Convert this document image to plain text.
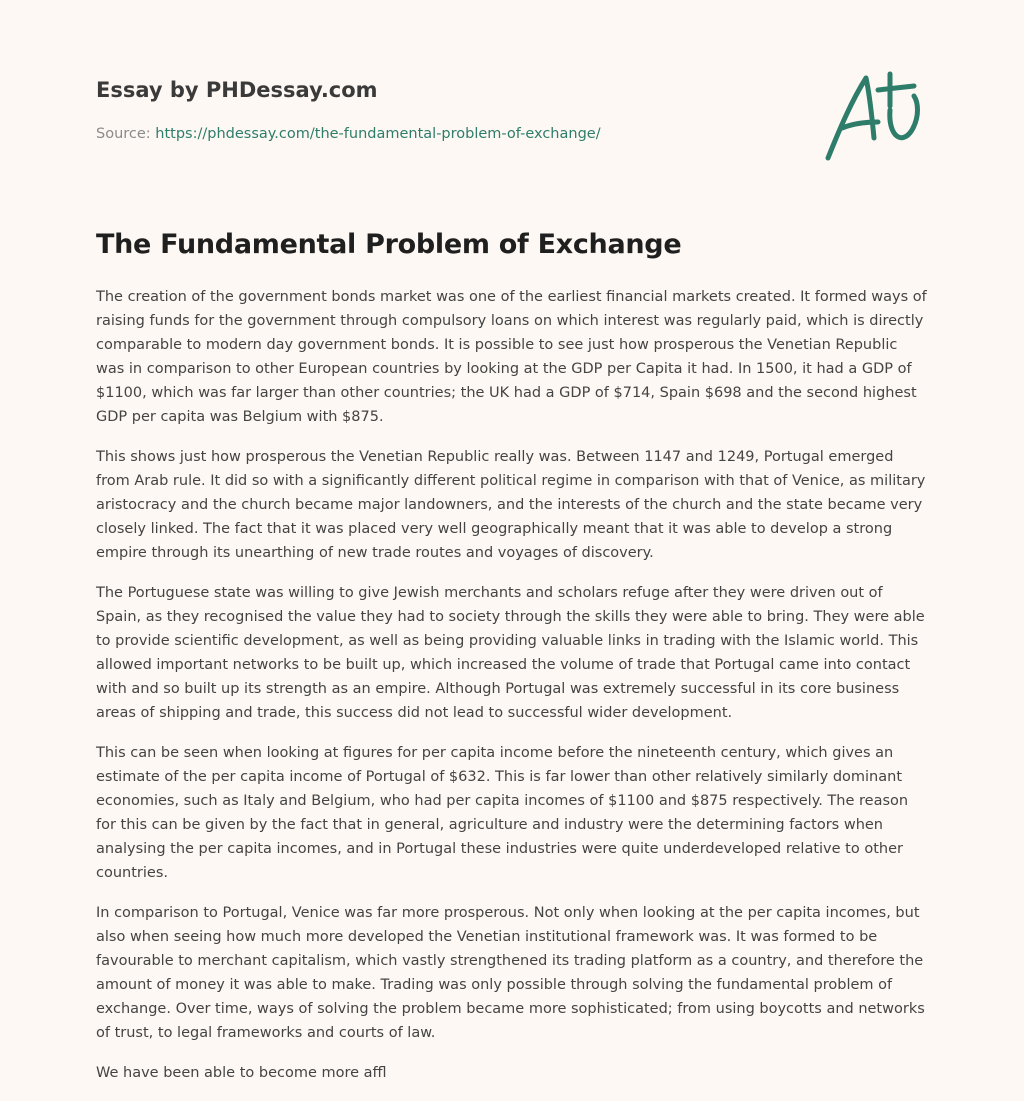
Essay by PHDessay.com
Source: https://phdessay.com/the-fundamental-problem-of-exchange/
The Fundamental Problem of Exchange

The creation of the government bonds market was one of the earliest financial markets created. It formed ways of raising funds for the government through compulsory loans on which interest was regularly paid, which is directly comparable to modern day government bonds. It is possible to see just how prosperous the Venetian Republic was in comparison to other European countries by looking at the GDP per Capita it had. In 1500, it had a GDP of $1100, which was far larger than other countries; the UK had a GDP of $714, Spain $698 and the second highest GDP per capita was Belgium with $875.

This shows just how prosperous the Venetian Republic really was. Between 1147 and 1249, Portugal emerged from Arab rule. It did so with a significantly different political regime in comparison with that of Venice, as military aristocracy and the church became major landowners, and the interests of the church and the state became very closely linked. The fact that it was placed very well geographically meant that it was able to develop a strong empire through its unearthing of new trade routes and voyages of discovery.

The Portuguese state was willing to give Jewish merchants and scholars refuge after they were driven out of Spain, as they recognised the value they had to society through the skills they were able to bring. They were able to provide scientific development, as well as being providing valuable links in trading with the Islamic world. This allowed important networks to be built up, which increased the volume of trade that Portugal came into contact with and so built up its strength as an empire. Although Portugal was extremely successful in its core business areas of shipping and trade, this success did not lead to successful wider development.

This can be seen when looking at figures for per capita income before the nineteenth century, which gives an estimate of the per capita income of Portugal of $632. This is far lower than other relatively similarly dominant economies, such as Italy and Belgium, who had per capita incomes of $1100 and $875 respectively. The reason for this can be given by the fact that in general, agriculture and industry were the determining factors when analysing the per capita incomes, and in Portugal these industries were quite underdeveloped relative to other countries.

In comparison to Portugal, Venice was far more prosperous. Not only when looking at the per capita incomes, but also when seeing how much more developed the Venetian institutional framework was. It was formed to be favourable to merchant capitalism, which vastly strengthened its trading platform as a country, and therefore the amount of money it was able to make. Trading was only possible through solving the fundamental problem of exchange. Over time, ways of solving the problem became more sophisticated; from using boycotts and networks of trust, to legal frameworks and courts of law.

We have been able to become more affl
